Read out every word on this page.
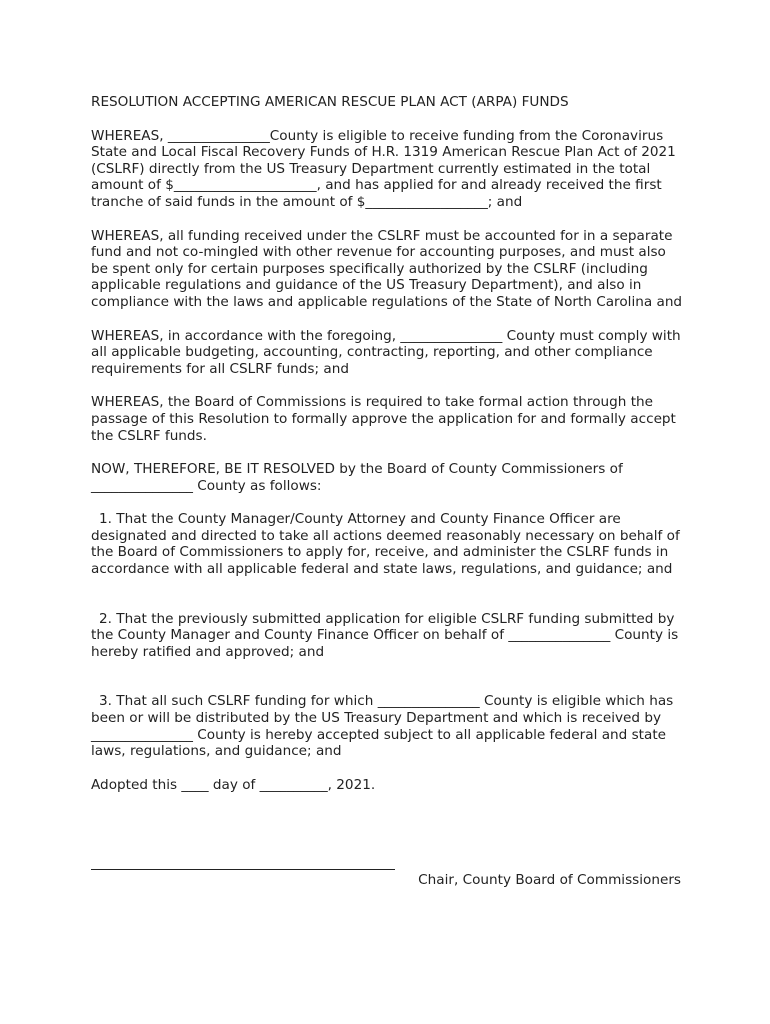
RESOLUTION ACCEPTING AMERICAN RESCUE PLAN ACT (ARPA) FUNDS
WHEREAS, _______________County is eligible to receive funding from the Coronavirus State and Local Fiscal Recovery Funds of H.R. 1319 American Rescue Plan Act of 2021 (CSLRF) directly from the US Treasury Department currently estimated in the total amount of $_____________________, and has applied for and already received the first tranche of said funds in the amount of $__________________; and
WHEREAS, all funding received under the CSLRF must be accounted for in a separate fund and not co-mingled with other revenue for accounting purposes, and must also be spent only for certain purposes specifically authorized by the CSLRF (including applicable regulations and guidance of the US Treasury Department), and also in compliance with the laws and applicable regulations of the State of North Carolina and
WHEREAS, in accordance with the foregoing, _______________ County must comply with all applicable budgeting, accounting, contracting, reporting, and other compliance requirements for all CSLRF funds; and
WHEREAS, the Board of Commissions is required to take formal action through the passage of this Resolution to formally approve the application for and formally accept the CSLRF funds.
NOW, THEREFORE, BE IT RESOLVED by the Board of County Commissioners of _______________ County as follows:
1. That the County Manager/County Attorney and County Finance Officer are designated and directed to take all actions deemed reasonably necessary on behalf of the Board of Commissioners to apply for, receive, and administer the CSLRF funds in accordance with all applicable federal and state laws, regulations, and guidance; and
2. That the previously submitted application for eligible CSLRF funding submitted by the County Manager and County Finance Officer on behalf of _______________ County is hereby ratified and approved; and
3. That all such CSLRF funding for which _______________ County is eligible which has been or will be distributed by the US Treasury Department and which is received by _______________ County is hereby accepted subject to all applicable federal and state laws, regulations, and guidance; and
Adopted this ____ day of __________, 2021.
Chair, County Board of Commissioners
